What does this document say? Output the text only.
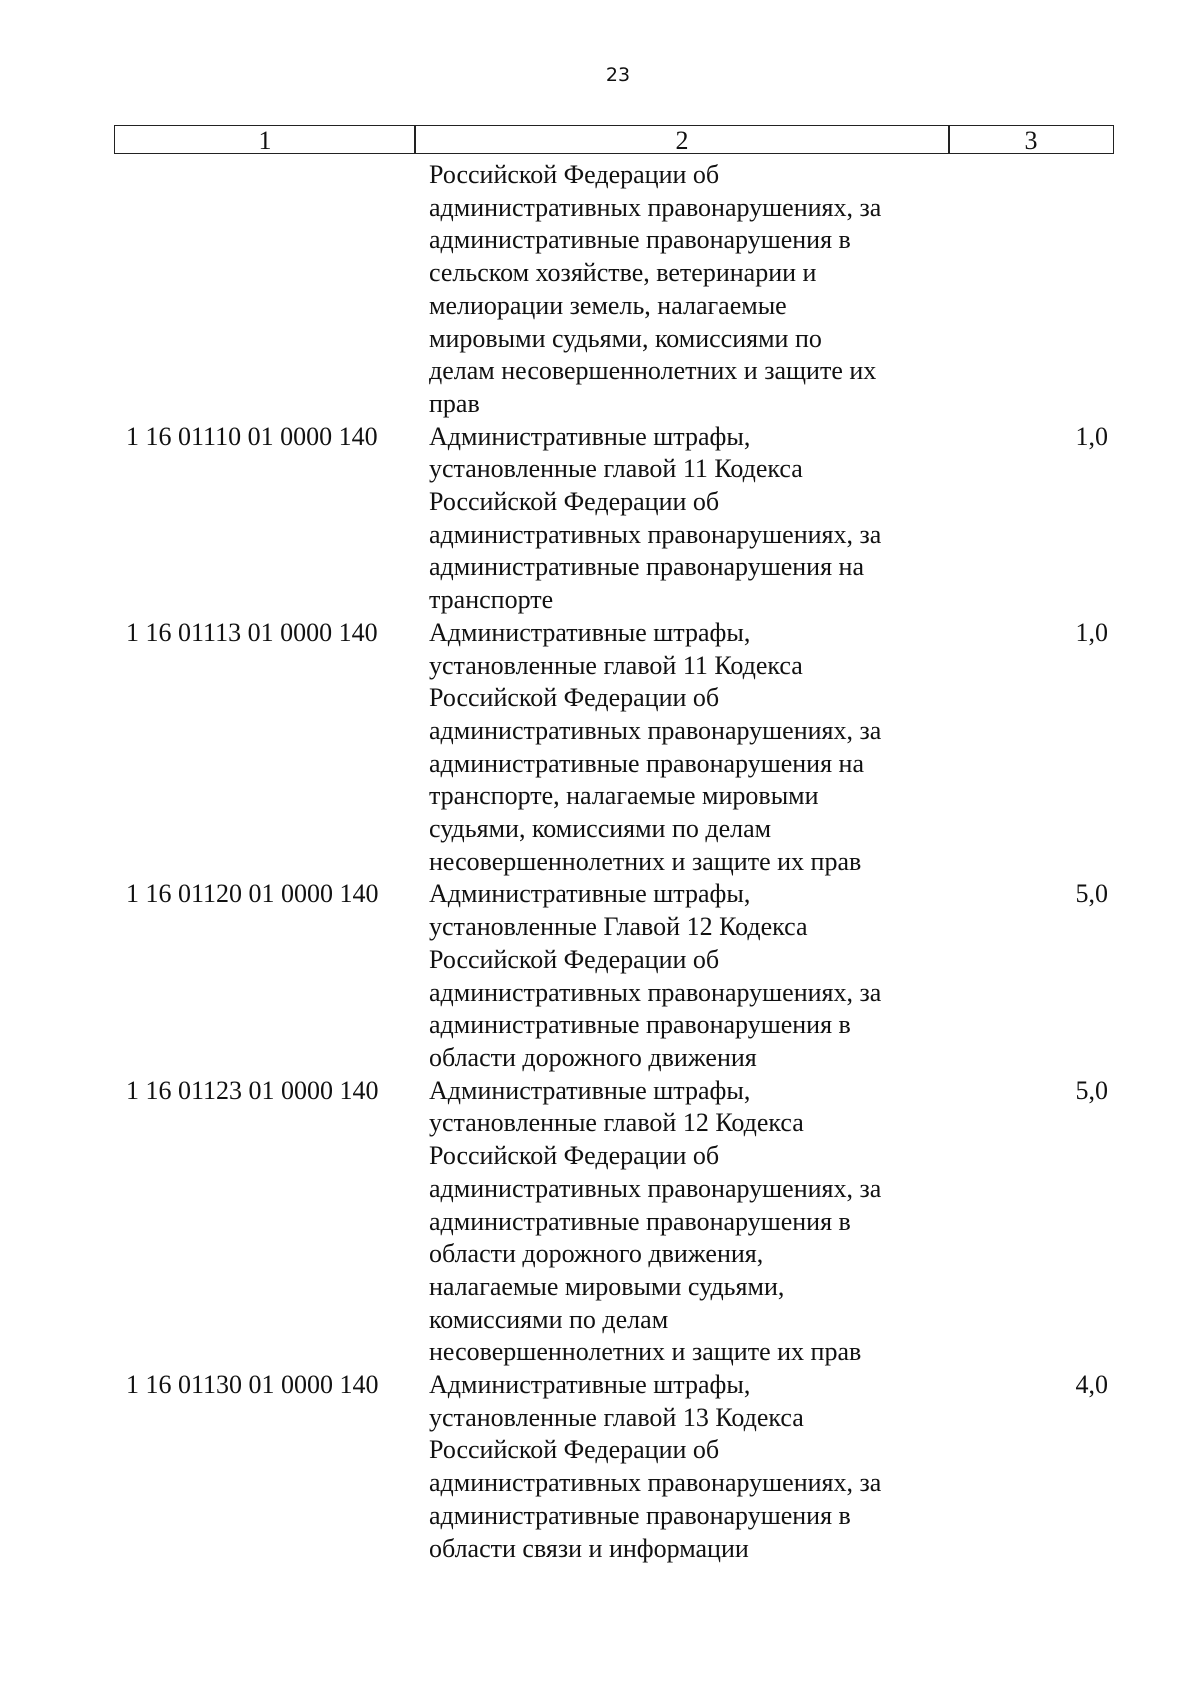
23
1	2	3
Российской Федерации об
административных правонарушениях, за
административные правонарушения в
сельском хозяйстве, ветеринарии и
мелиорации земель, налагаемые
мировыми судьями, комиссиями по
делам несовершеннолетних и защите их
прав
1 16 01110 01 0000 140 Административные штрафы,
установленные главой 11 Кодекса
Российской Федерации об
административных правонарушениях, за
административные правонарушения на
транспорте
1,0
1 16 01113 01 0000 140 Административные штрафы,
установленные главой 11 Кодекса
Российской Федерации об
административных правонарушениях, за
административные правонарушения на
транспорте, налагаемые мировыми
судьями, комиссиями по делам
несовершеннолетних и защите их прав
1,0
1 16 01120 01 0000 140 Административные штрафы,
установленные Главой 12 Кодекса
Российской Федерации об
административных правонарушениях, за
административные правонарушения в
области дорожного движения
5,0
1 16 01123 01 0000 140 Административные штрафы,
установленные главой 12 Кодекса
Российской Федерации об
административных правонарушениях, за
административные правонарушения в
области дорожного движения,
налагаемые мировыми судьями,
комиссиями по делам
несовершеннолетних и защите их прав
5,0
1 16 01130 01 0000 140 Административные штрафы,
установленные главой 13 Кодекса
Российской Федерации об
административных правонарушениях, за
административные правонарушения в
области связи и информации
4,0
